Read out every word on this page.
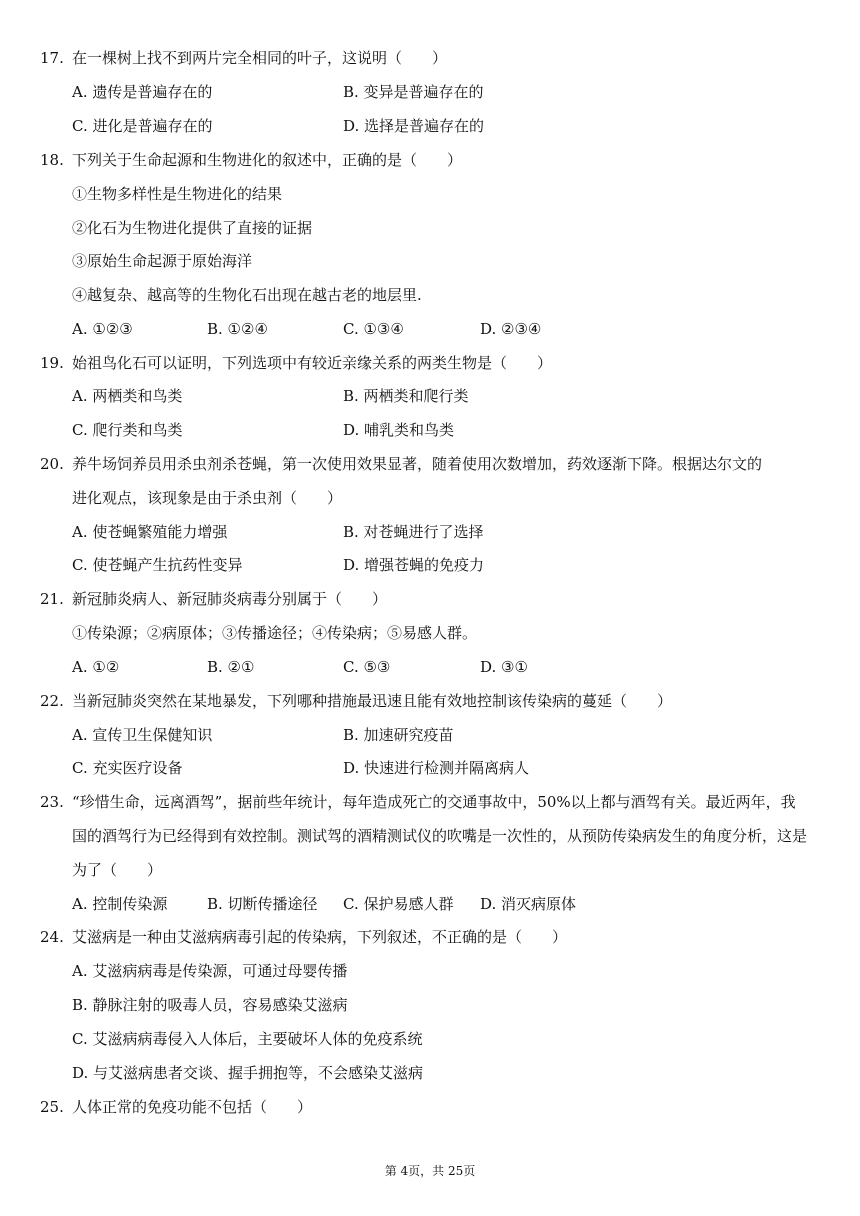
17. 在一棵树上找不到两片完全相同的叶子，这说明（　　）
A. 遗传是普遍存在的	B. 变异是普遍存在的
C. 进化是普遍存在的	D. 选择是普遍存在的
18. 下列关于生命起源和生物进化的叙述中，正确的是（　　）
①生物多样性是生物进化的结果
②化石为生物进化提供了直接的证据
③原始生命起源于原始海洋
④越复杂、越高等的生物化石出现在越古老的地层里.
A. ①②③	B. ①②④	C. ①③④	D. ②③④
19. 始祖鸟化石可以证明，下列选项中有较近亲缘关系的两类生物是（　　）
A. 两栖类和鸟类	B. 两栖类和爬行类
C. 爬行类和鸟类	D. 哺乳类和鸟类
20. 养牛场饲养员用杀虫剂杀苍蝇，第一次使用效果显著，随着使用次数增加，药效逐渐下降。根据达尔文的
进化观点，该现象是由于杀虫剂（　　）
A. 使苍蝇繁殖能力增强	B. 对苍蝇进行了选择
C. 使苍蝇产生抗药性变异	D. 增强苍蝇的免疫力
21. 新冠肺炎病人、新冠肺炎病毒分别属于（　　）
①传染源；②病原体；③传播途径；④传染病；⑤易感人群。
A. ①②	B. ②①	C. ⑤③	D. ③①
22. 当新冠肺炎突然在某地暴发，下列哪种措施最迅速且能有效地控制该传染病的蔓延（　　）
A. 宣传卫生保健知识	B. 加速研究疫苗
C. 充实医疗设备	D. 快速进行检测并隔离病人
23. “珍惜生命，远离酒驾”，据前些年统计，每年造成死亡的交通事故中，50%以上都与酒驾有关。最近两年，我
国的酒驾行为已经得到有效控制。测试驾的酒精测试仪的吹嘴是一次性的，从预防传染病发生的角度分析，这是
为了（　　）
A. 控制传染源	B. 切断传播途径 C. 保护易感人群 D. 消灭病原体
24. 艾滋病是一种由艾滋病病毒引起的传染病，下列叙述，不正确的是（　　）
A. 艾滋病病毒是传染源，可通过母婴传播
B. 静脉注射的吸毒人员，容易感染艾滋病
C. 艾滋病病毒侵入人体后，主要破坏人体的免疫系统
D. 与艾滋病患者交谈、握手拥抱等，不会感染艾滋病
25. 人体正常的免疫功能不包括（　　）
第 4页，共 25页
